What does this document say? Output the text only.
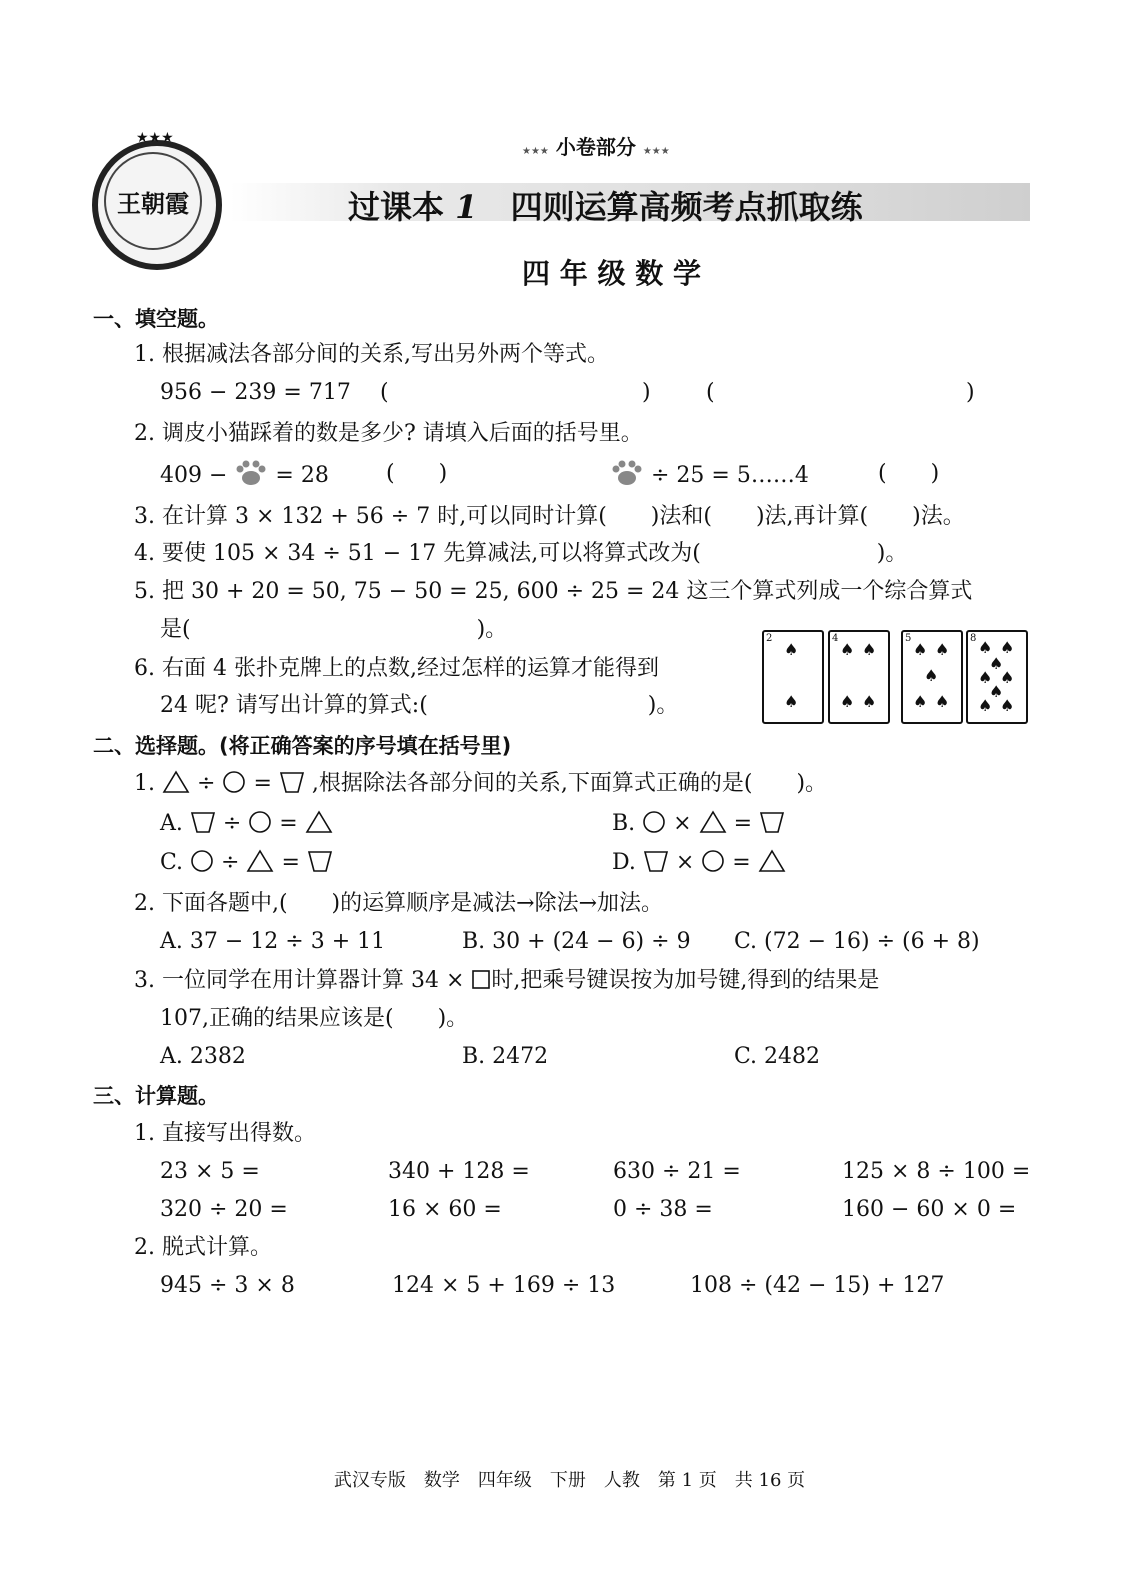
王朝霞
★★★
★★★ 小卷部分 ★★★
过课本 1 四则运算高频考点抓取练
四 年 级 数 学
一、填空题。
1. 根据减法各部分间的关系,写出另外两个等式。
956 − 239 = 717 (	)	(	)
2. 调皮小猫踩着的数是多少? 请填入后面的括号里。
409 − = 28	(　　)	÷ 25 = 5……4	(　　)
3. 在计算 3 × 132 + 56 ÷ 7 时,可以同时计算(　　)法和(　　)法,再计算(　　)法。
4. 要使 105 × 34 ÷ 51 − 17 先算减法,可以将算式改为(　　　　　　　　)。
5. 把 30 + 20 = 50, 75 − 50 = 25, 600 ÷ 25 = 24 这三个算式列成一个综合算式
是(　　　　　　　　　　　　　)。
6. 右面 4 张扑克牌上的点数,经过怎样的运算才能得到
24 呢? 请写出计算的算式:(　　　　　　　　　　)。
2
♠
♠
4
♠ ♠
♠ ♠
5
♠ ♠
♠
♠ ♠
8 ♠ ♠
♠
♠ ♠
♠
♠ ♠
二、选择题。(将正确答案的序号填在括号里)
1. ÷ = ,根据除法各部分间的关系,下面算式正确的是(　　)。
A.  ÷  =	B.  ×  =
C.  ÷  =	D.  ×  =
2. 下面各题中,(　　)的运算顺序是减法→除法→加法。
A. 37 − 12 ÷ 3 + 11	B. 30 + (24 − 6) ÷ 9 C. (72 − 16) ÷ (6 + 8)
3. 一位同学在用计算器计算 34 × 时,把乘号键误按为加号键,得到的结果是
107,正确的结果应该是(　　)。
A. 2382	B. 2472	C. 2482
三、计算题。
1. 直接写出得数。
23 × 5 =	340 + 128 =	630 ÷ 21 =	125 × 8 ÷ 100 =
320 ÷ 20 =	16 × 60 =	0 ÷ 38 =	160 − 60 × 0 =
2. 脱式计算。
945 ÷ 3 × 8	124 × 5 + 169 ÷ 13	108 ÷ (42 − 15) + 127
武汉专版　数学　四年级　下册　人教　第 1 页　共 16 页
